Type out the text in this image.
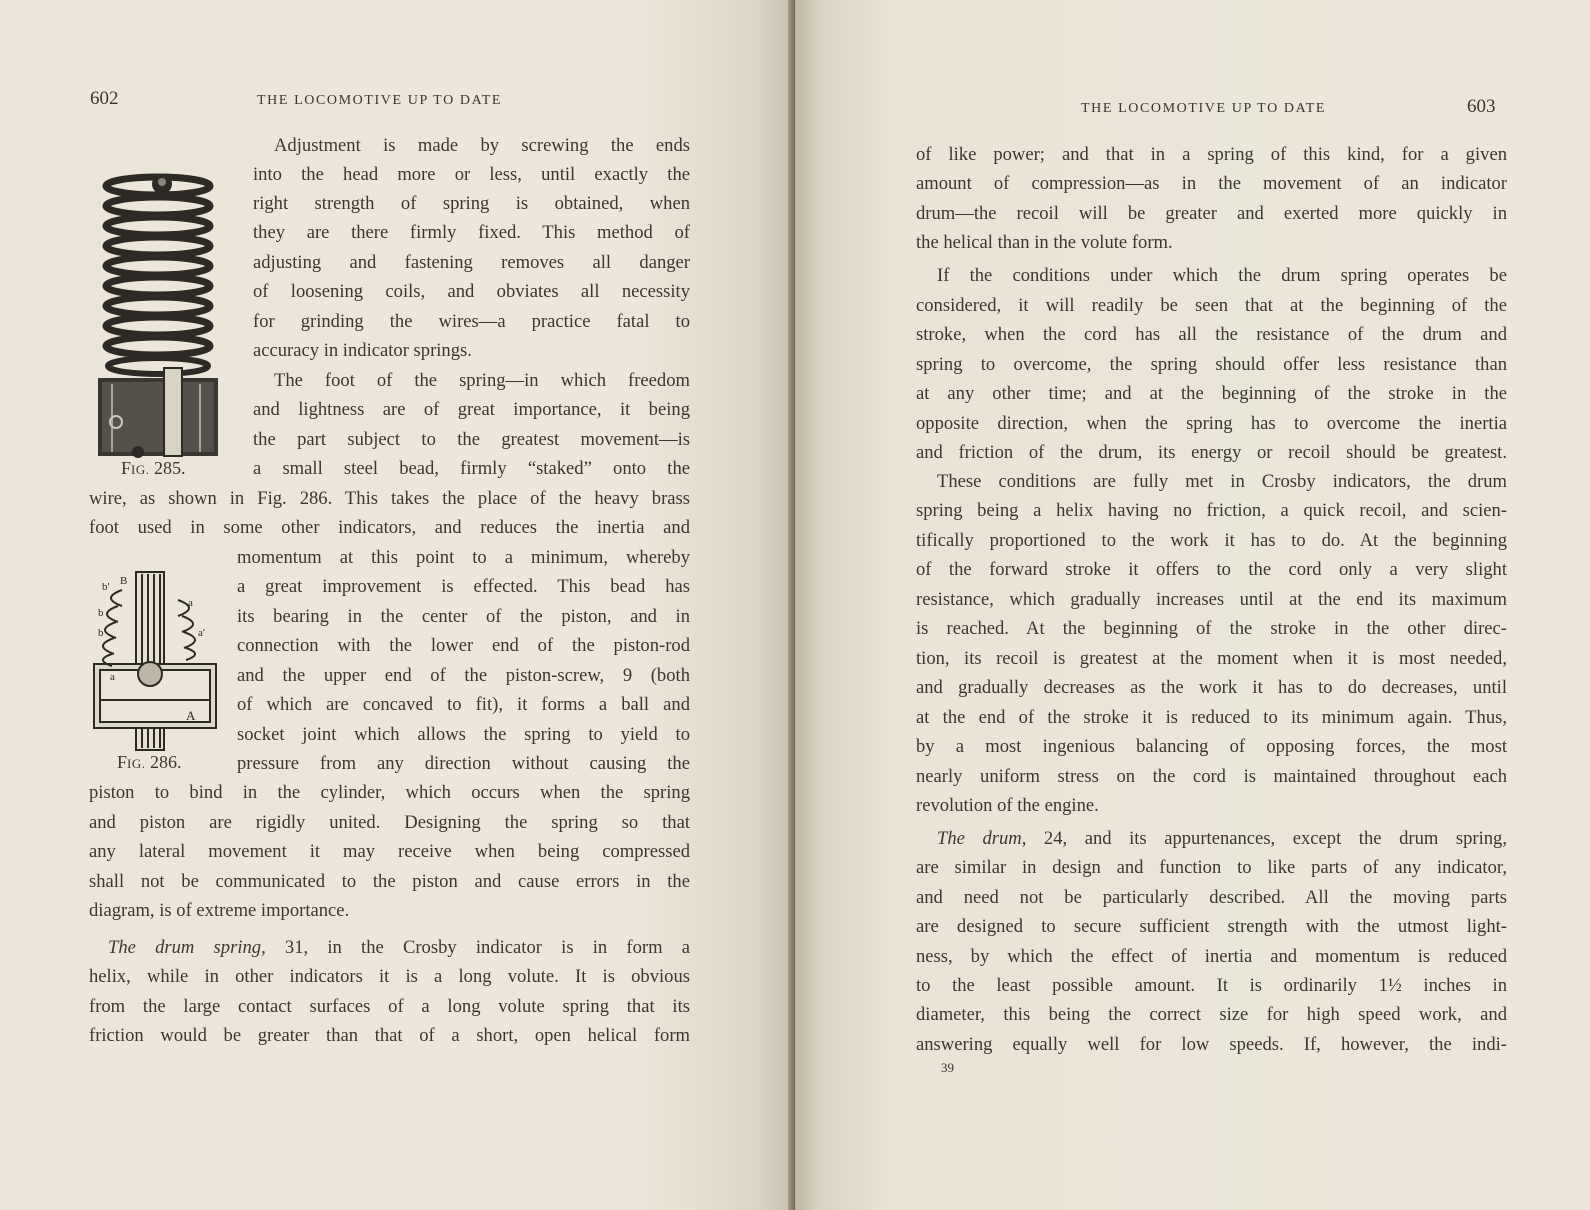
602	THE LOCOMOTIVE UP TO DATE
FIG. 285.

Adjustment is made by screwing the ends

into the head more or less, until exactly the

right strength of spring is obtained, when

they are there firmly fixed. This method of

adjusting and fastening removes all danger

of loosening coils, and obviates all necessity

for grinding the wires—a practice fatal to

accuracy in indicator springs.

The foot of the spring—in which freedom

and lightness are of great importance, it being

the part subject to the greatest movement—is

a small steel bead, firmly “staked” onto the

wire, as shown in Fig. 286. This takes the place of the heavy brass

foot used in some other indicators, and reduces the inertia and

b' B
b
b
a
a
a'
A
FIG. 286.

momentum at this point to a minimum, whereby

a great improvement is effected. This bead has

its bearing in the center of the piston, and in

connection with the lower end of the piston-rod

and the upper end of the piston-screw, 9 (both

of which are concaved to fit), it forms a ball and

socket joint which allows the spring to yield to

pressure from any direction without causing the

piston to bind in the cylinder, which occurs when the spring

and piston are rigidly united. Designing the spring so that

any lateral movement it may receive when being compressed

shall not be communicated to the piston and cause errors in the

diagram, is of extreme importance.

The drum spring, 31, in the Crosby indicator is in form a

helix, while in other indicators it is a long volute. It is obvious

from the large contact surfaces of a long volute spring that its

friction would be greater than that of a short, open helical form

THE LOCOMOTIVE UP TO DATE	603

of like power; and that in a spring of this kind, for a given

amount of compression—as in the movement of an indicator

drum—the recoil will be greater and exerted more quickly in

the helical than in the volute form.

If the conditions under which the drum spring operates be

considered, it will readily be seen that at the beginning of the

stroke, when the cord has all the resistance of the drum and

spring to overcome, the spring should offer less resistance than

at any other time; and at the beginning of the stroke in the

opposite direction, when the spring has to overcome the inertia

and friction of the drum, its energy or recoil should be greatest.

These conditions are fully met in Crosby indicators, the drum

spring being a helix having no friction, a quick recoil, and scien-

tifically proportioned to the work it has to do. At the beginning

of the forward stroke it offers to the cord only a very slight

resistance, which gradually increases until at the end its maximum

is reached. At the beginning of the stroke in the other direc-

tion, its recoil is greatest at the moment when it is most needed,

and gradually decreases as the work it has to do decreases, until

at the end of the stroke it is reduced to its minimum again. Thus,

by a most ingenious balancing of opposing forces, the most

nearly uniform stress on the cord is maintained throughout each

revolution of the engine.

The drum, 24, and its appurtenances, except the drum spring,

are similar in design and function to like parts of any indicator,

and need not be particularly described. All the moving parts

are designed to secure sufficient strength with the utmost light-

ness, by which the effect of inertia and momentum is reduced

to the least possible amount. It is ordinarily 1½ inches in

diameter, this being the correct size for high speed work, and

answering equally well for low speeds. If, however, the indi-

39
